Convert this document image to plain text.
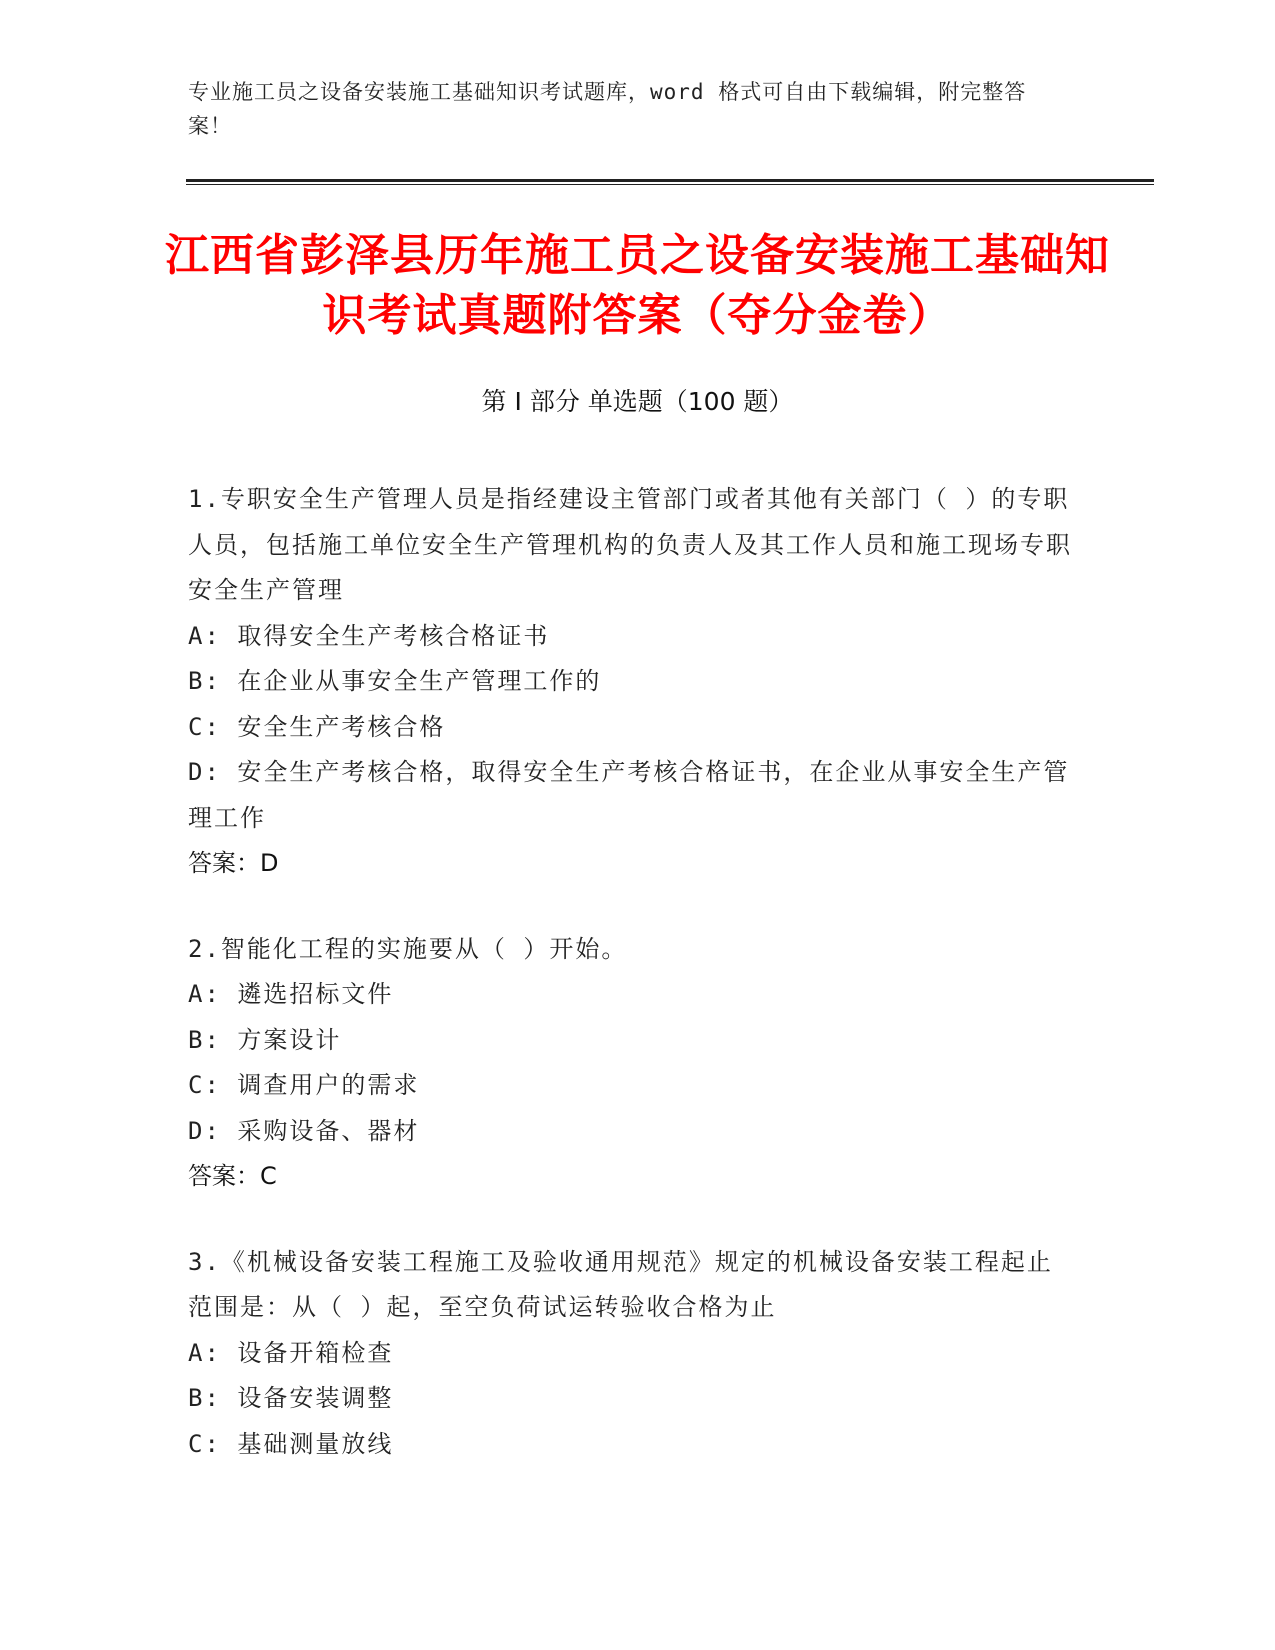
专业施工员之设备安装施工基础知识考试题库，word 格式可自由下载编辑，附完整答案！
江西省彭泽县历年施工员之设备安装施工基础知识考试真题附答案（夺分金卷）
第 I 部分 单选题（100 题）
1.专职安全生产管理人员是指经建设主管部门或者其他有关部门（ ）的专职人员，包括施工单位安全生产管理机构的负责人及其工作人员和施工现场专职安全生产管理
A: 取得安全生产考核合格证书
B: 在企业从事安全生产管理工作的
C: 安全生产考核合格
D: 安全生产考核合格，取得安全生产考核合格证书，在企业从事安全生产管理工作
答案：D
2.智能化工程的实施要从（ ）开始。
A: 遴选招标文件
B: 方案设计
C: 调查用户的需求
D: 采购设备、器材
答案：C
3.《机械设备安装工程施工及验收通用规范》规定的机械设备安装工程起止范围是：从（ ）起，至空负荷试运转验收合格为止
A: 设备开箱检查
B: 设备安装调整
C: 基础测量放线
